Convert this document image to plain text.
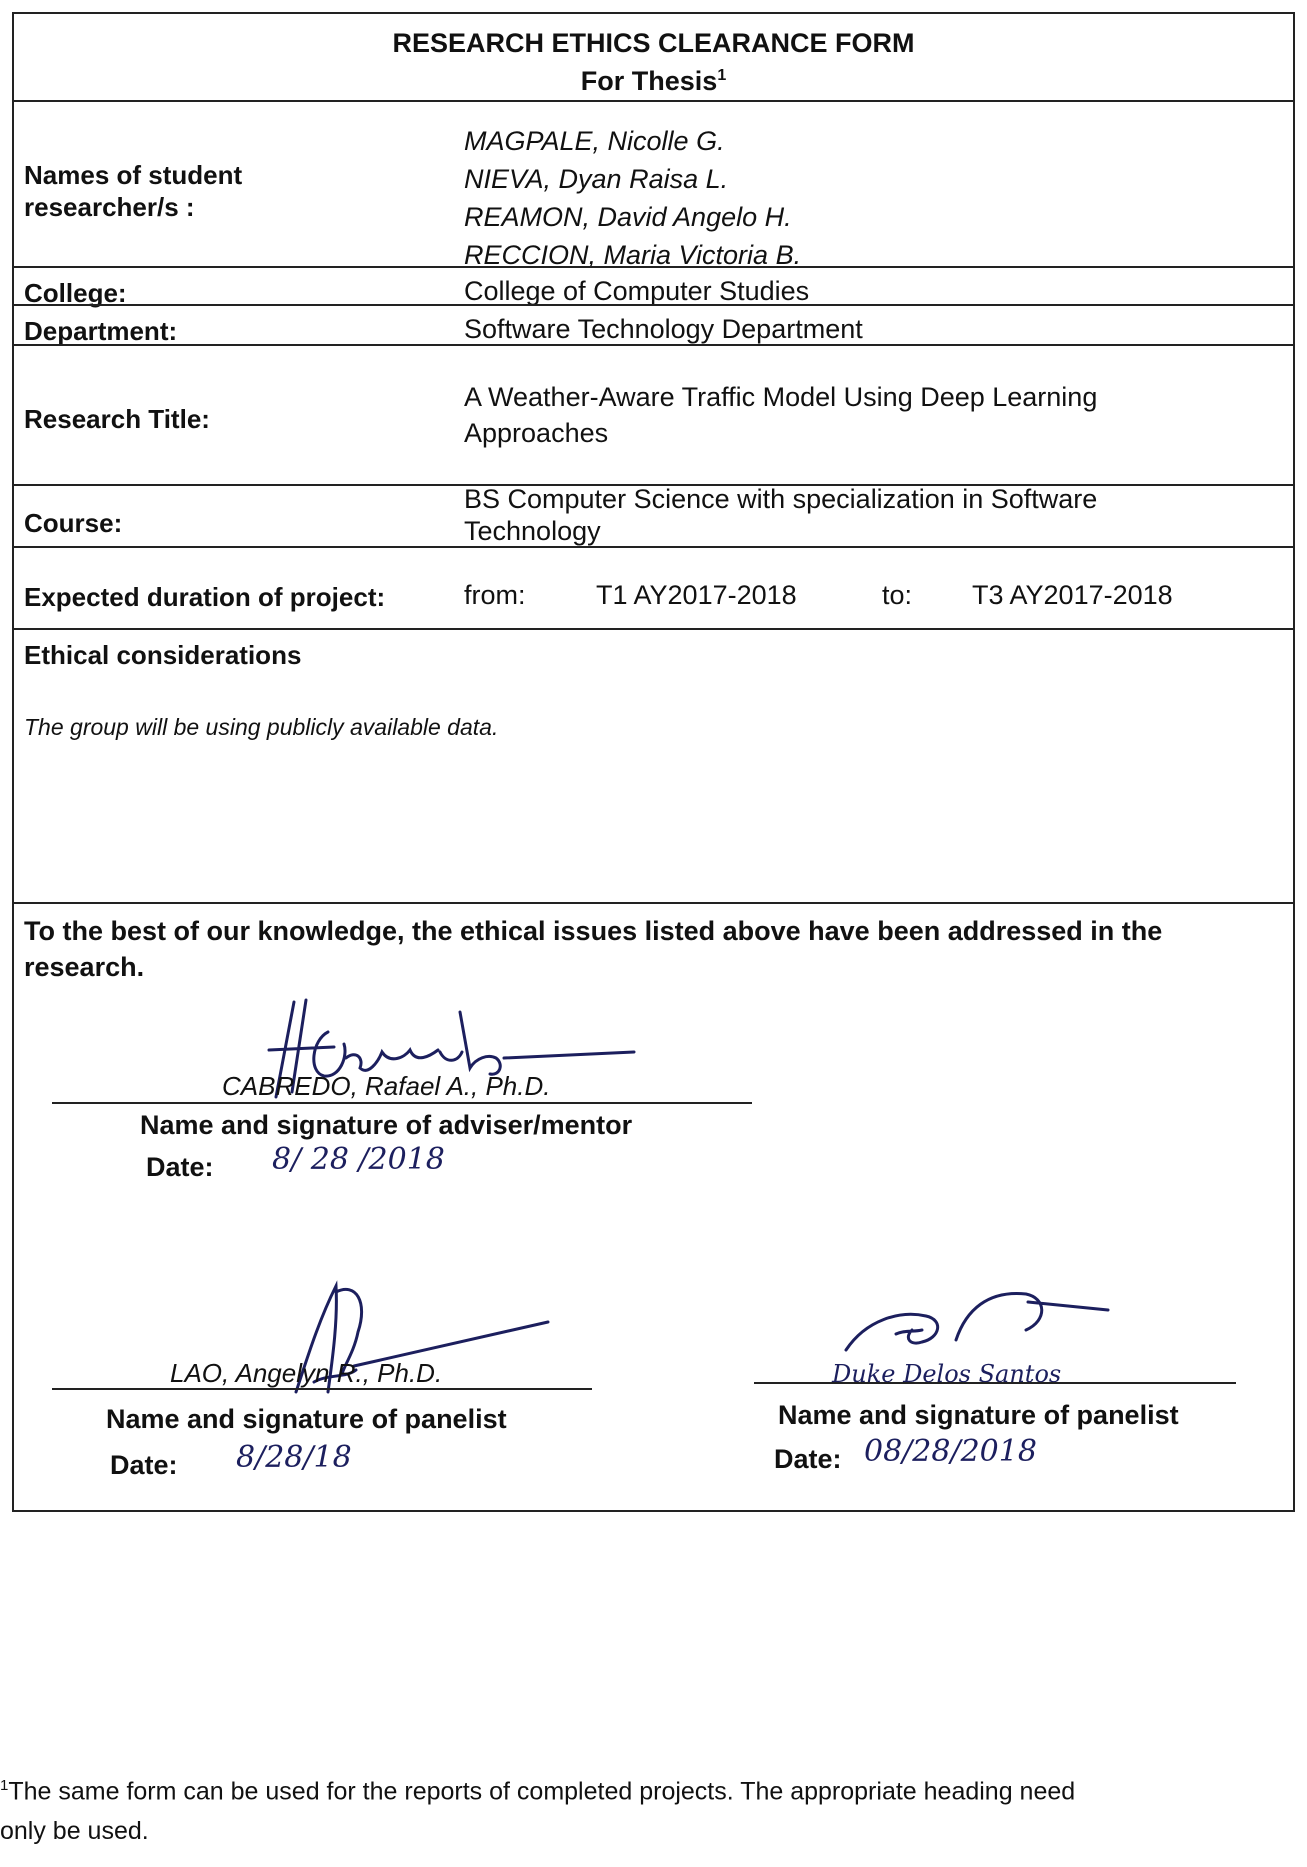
RESEARCH ETHICS CLEARANCE FORM
For Thesis$^1$
Names of student
researcher/s :
MAGPALE, Nicolle G.
NIEVA, Dyan Raisa L.
REAMON, David Angelo H.
RECCION, Maria Victoria B.
College:	College of Computer Studies
Department:	Software Technology Department
Research Title:
A Weather-Aware Traffic Model Using Deep Learning
Approaches
Course:
BS Computer Science with specialization in Software
Technology
Expected duration of project:	from:	T1 AY2017-2018	to: T3 AY2017-2018
Ethical considerations
The group will be using publicly available data.
To the best of our knowledge, the ethical issues listed above have been addressed in the
research.
CABREDO, Rafael A., Ph.D.
Name and signature of adviser/mentor
Date: 8/ 28 /2018
LAO, Angelyn R., Ph.D.
Name and signature of panelist
Date: 8/28/18
Duke Delos Santos
Name and signature of panelist
Date: 08/28/2018
$^1$The same form can be used for the reports of completed projects. The appropriate heading need
only be used.
